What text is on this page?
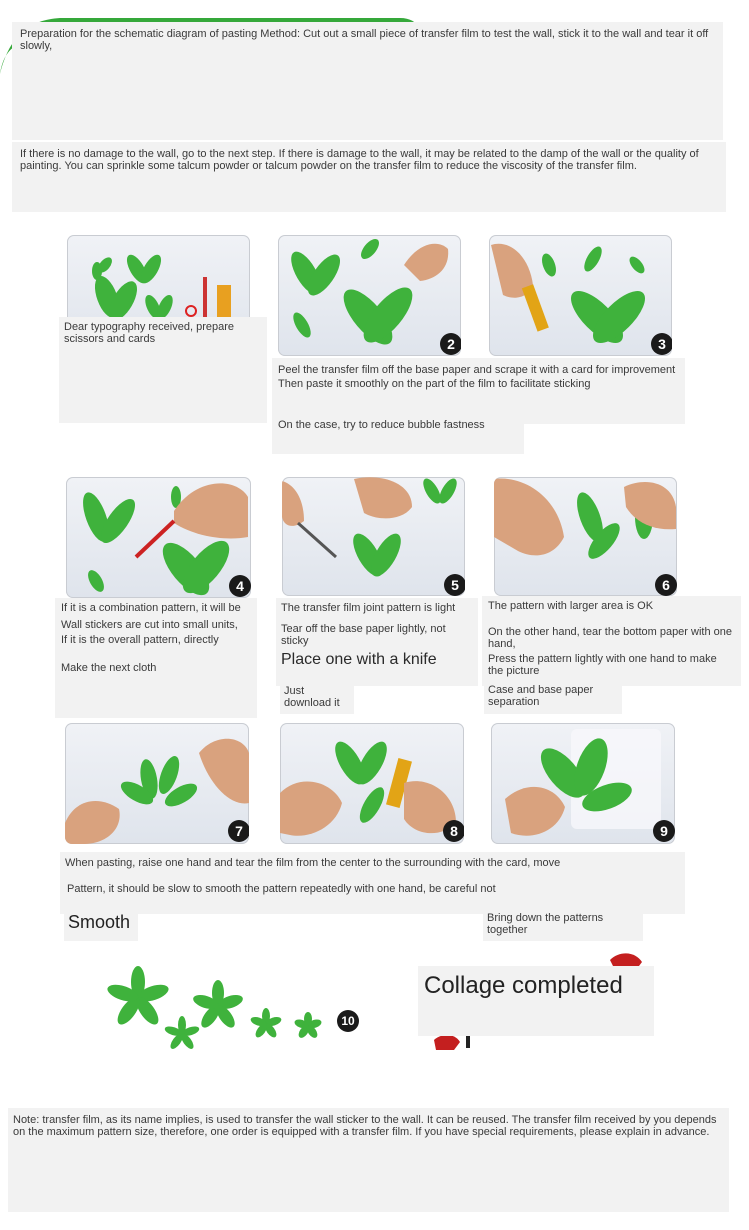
Preparation for the schematic diagram of pasting Method: Cut out a small piece of transfer film to test the wall, stick it to the wall and tear it off slowly,
If there is no damage to the wall, go to the next step. If there is damage to the wall, it may be related to the damp of the wall or the quality of painting. You can sprinkle some talcum powder or talcum powder on the transfer film to reduce the viscosity of the transfer film.
2	3
Dear typography received, prepare scissors and cards
Peel the transfer film off the base paper and scrape it with a card for improvement
Then paste it smoothly on the part of the film to facilitate sticking
On the case, try to reduce bubble fastness
4	5	6
If it is a combination pattern, it will be
Wall stickers are cut into small units,
If it is the overall pattern, directly
Make the next cloth
The transfer film joint pattern is light
Tear off the base paper lightly, not sticky
Place one with a knife
Just download it
The pattern with larger area is OK
On the other hand, tear the bottom paper with one hand,
Press the pattern lightly with one hand to make the picture
Case and base paper separation
7	8	9
When pasting, raise one hand and tear the film from the center to the surrounding with the card, move
Pattern, it should be slow to smooth the pattern repeatedly with one hand, be careful not
Smooth	Bring down the patterns together
10
Collage completed
Note: transfer film, as its name implies, is used to transfer the wall sticker to the wall. It can be reused. The transfer film received by you depends on the maximum pattern size, therefore, one order is equipped with a transfer film. If you have special requirements, please explain in advance.
